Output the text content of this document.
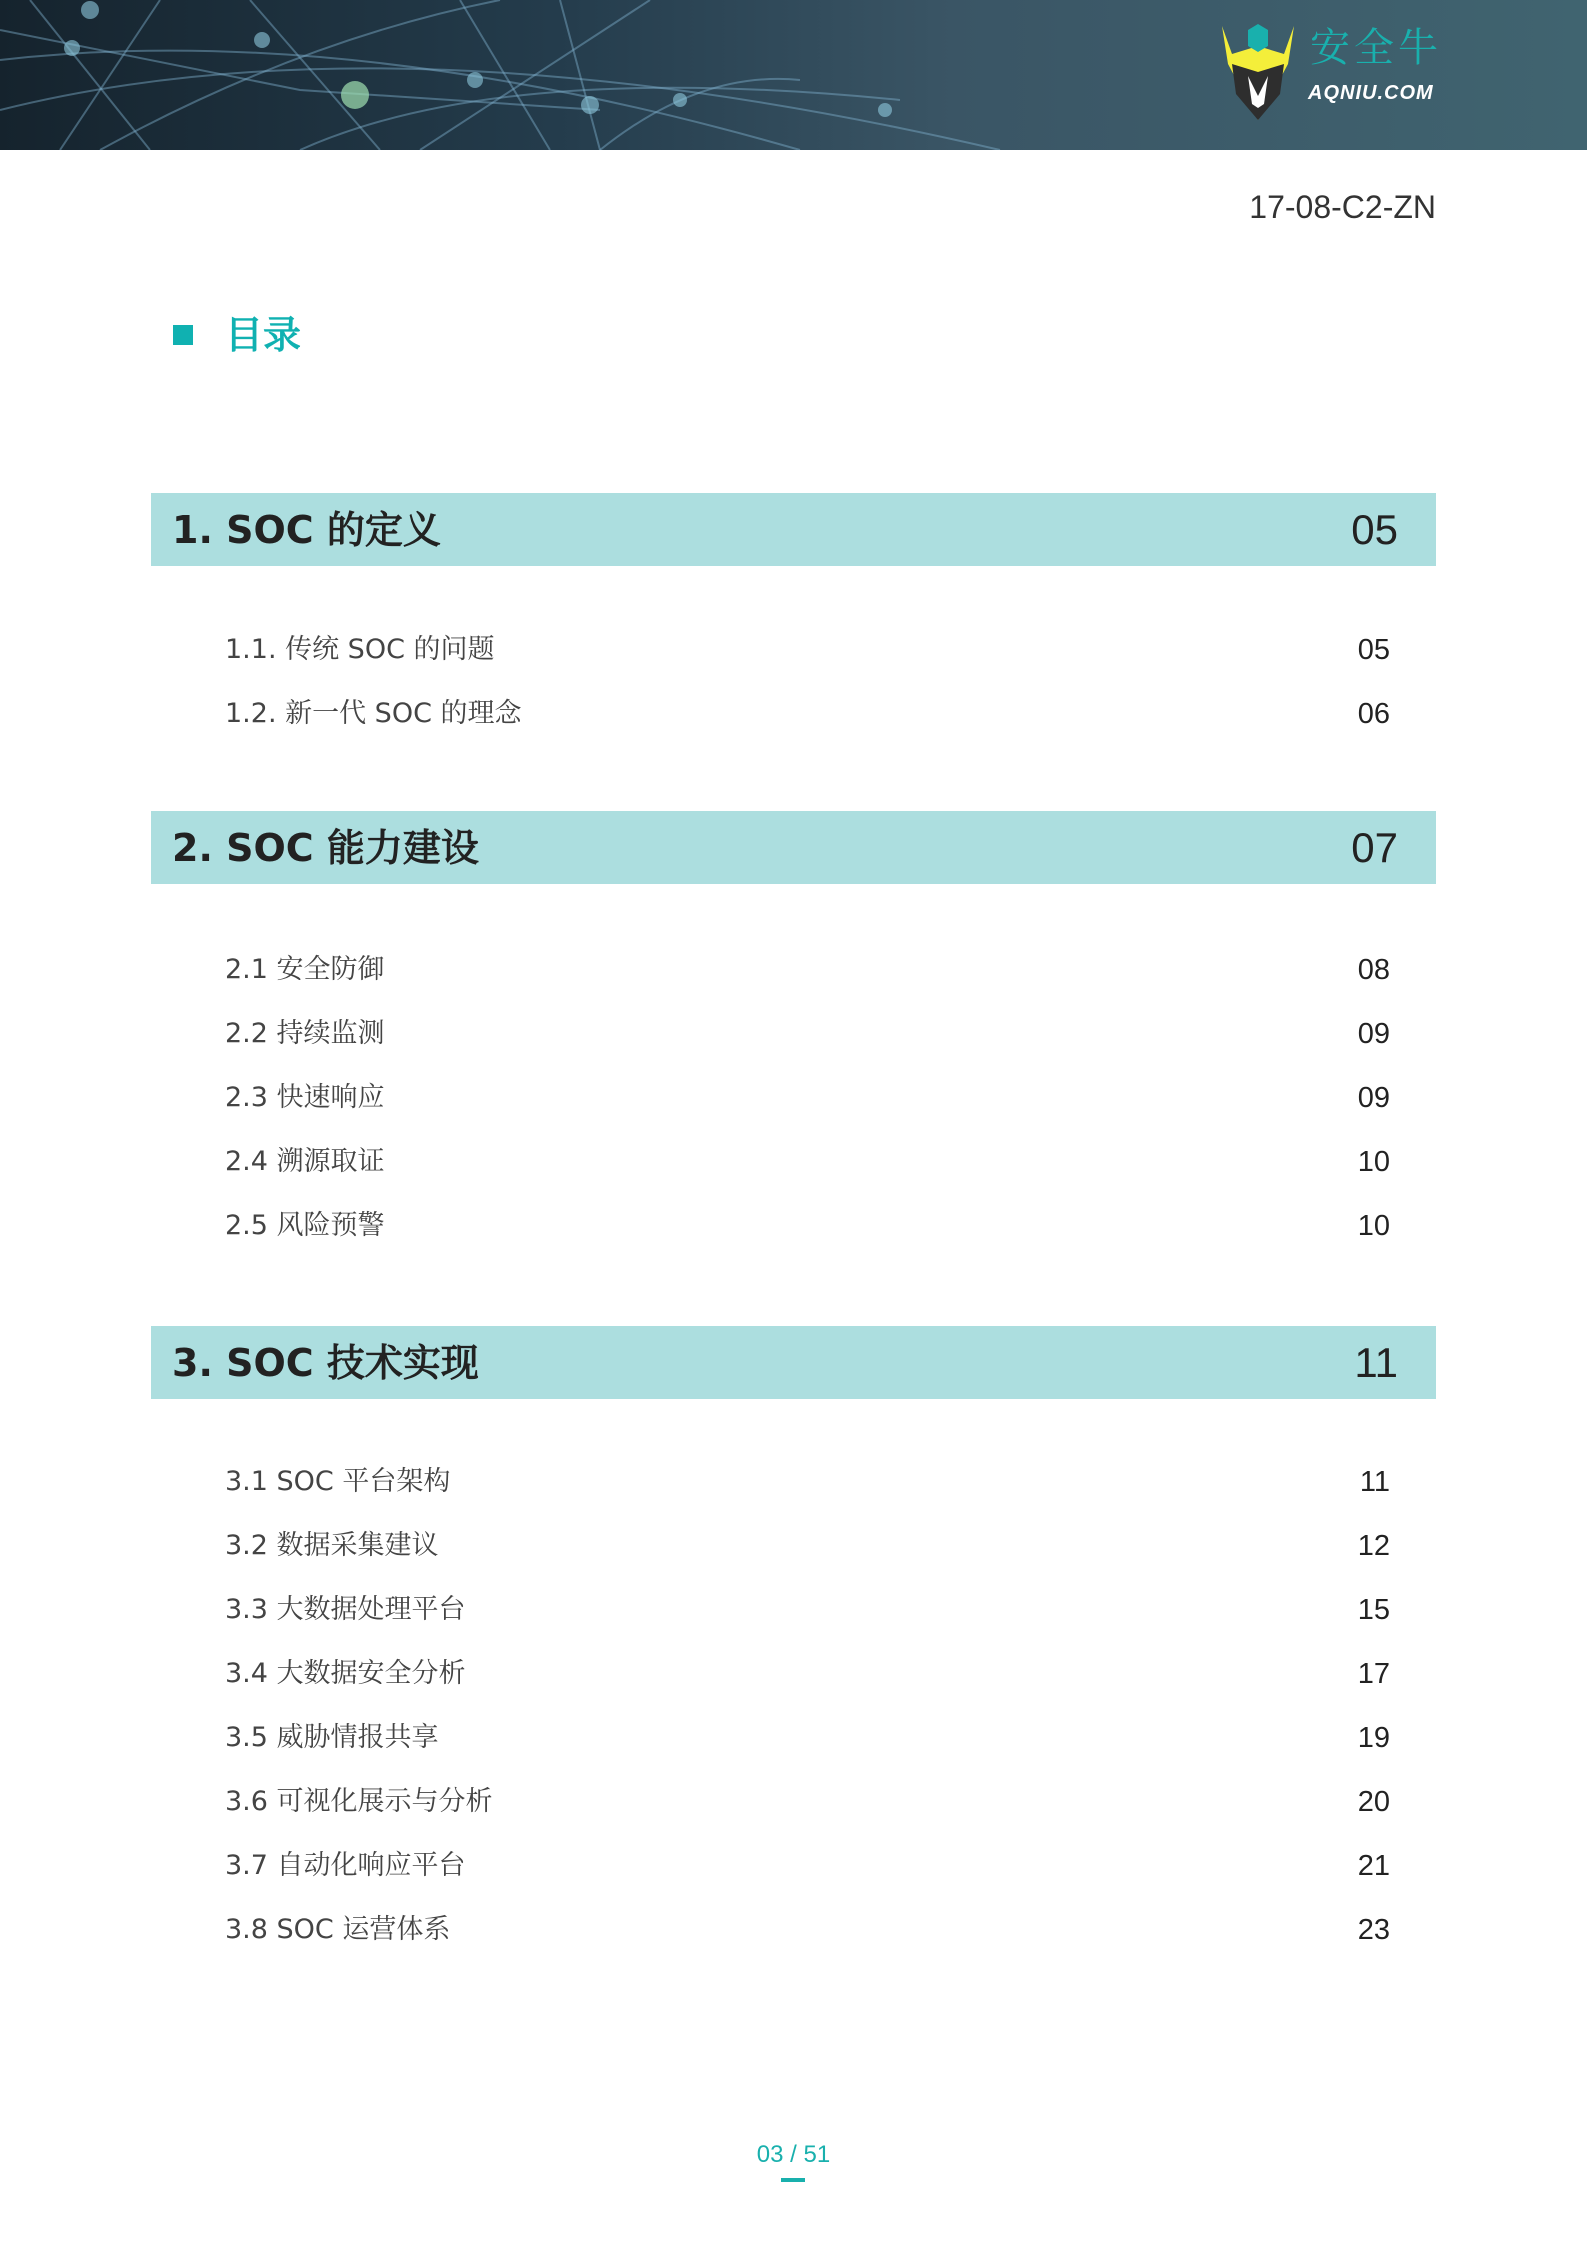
安全牛
AQNIU.COM
17-08-C2-ZN
目录
1. SOC 的定义	05
1.1. 传统 SOC 的问题	05
1.2. 新一代 SOC 的理念	06
2. SOC 能力建设	07
2.1 安全防御	08
2.2 持续监测	09
2.3 快速响应	09
2.4 溯源取证	10
2.5 风险预警	10
3. SOC 技术实现	11
3.1 SOC 平台架构	11
3.2 数据采集建议	12
3.3 大数据处理平台	15
3.4 大数据安全分析	17
3.5 威胁情报共享	19
3.6 可视化展示与分析	20
3.7 自动化响应平台	21
3.8 SOC 运营体系	23
03 / 51
